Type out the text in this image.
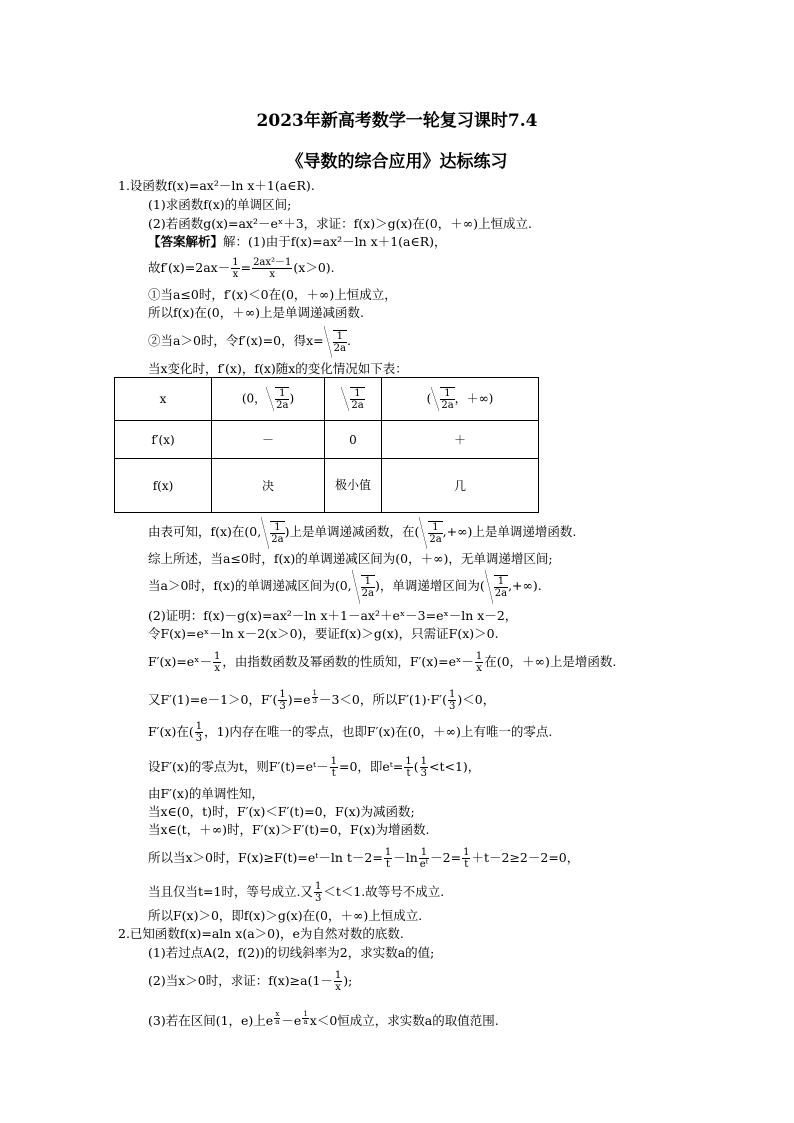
2023年新高考数学一轮复习课时7.4
《导数的综合应用》达标练习
1.设函数f(x)=ax²－ln x＋1(a∈R).
(1)求函数f(x)的单调区间;
(2)若函数g(x)=ax²－eˣ＋3，求证：f(x)＞g(x)在(0，＋∞)上恒成立.
【答案解析】解：(1)由于f(x)=ax²－ln x＋1(a∈R)，
故$f'(x)=2ax- \frac{1}{x} = \frac{\text{2ax²－1}}{x} (x>0)$.
①当a≤0时，f′(x)＜0在(0，＋∞)上恒成立，
所以f(x)在(0，＋∞)上是单调递减函数.
②当a＞0时，令f′(x)=0，得$x= \frac{1}{2a}$ .
当x变化时，f′(x)，f(x)随x的变化情况如下表：
x	(0， $\frac{1}{2a}$ )	$\frac{1}{2a}$	( $\frac{1}{2a}$ ，＋∞)
f′(x)	－	0	＋
f(x)	决	极小值	几
由表可知，f(x)在(0, $\frac{1}{2a}$ )上是单调递减函数，在( $\frac{1}{2a}$ ,+∞)上是单调递增函数.
综上所述，当a≤0时，f(x)的单调递减区间为(0，＋∞)，无单调递增区间;
当a＞0时，f(x)的单调递减区间为(0, $\frac{1}{2a}$ )，单调递增区间为( $\frac{1}{2a}$ ,+∞).
(2)证明：f(x)－g(x)=ax²－ln x＋1－ax²＋eˣ－3=eˣ－ln x－2，
令F(x)=eˣ－ln x－2(x＞0)，要证f(x)＞g(x)，只需证F(x)＞0.
F′(x)=eˣ－ $\frac{1}{x}$ ，由指数函数及幂函数的性质知，F′(x)=eˣ－ $\frac{1}{x}$ 在(0，＋∞)上是增函数.
又F′(1)=e－1＞0，$F'( \frac{1}{3} )=e$ $^{\frac{1}{3}}$ －3＜0，所以$F'(1)\cdot F'( \frac{1}{3} )<0$，
F′(x)在( $\frac{1}{3}$ ，1)内存在唯一的零点，也即F′(x)在(0，＋∞)上有唯一的零点.
设F′(x)的零点为t，则F′(t)=eᵗ－ $\frac{1}{t} =0$，即eᵗ= $\frac{1}{t}$ ( $\frac{1}{3} <t<1$)，
由F′(x)的单调性知，
当x∈(0，t)时，F′(x)＜F′(t)=0，F(x)为减函数;
当x∈(t，＋∞)时，F′(x)＞F′(t)=0，F(x)为增函数.
所以当x＞0时，F(x)≥F(t)=eᵗ－ln $t-2= \frac{1}{t} -\ln \frac{1}{\text{eᵗ}} -2= \frac{1}{t} +t-2\ge 2-2=0$，
当且仅当t=1时，等号成立.又 $\frac{1}{3} <t<1$.故等号不成立.
所以F(x)＞0，即f(x)＞g(x)在(0，＋∞)上恒成立.
2.已知函数f(x)=aln x(a＞0)，e为自然对数的底数.
(1)若过点A(2，f(2))的切线斜率为2，求实数a的值;
(2)当x＞0时，求证：$f(x)\ge a(1- \frac{1}{x}$ );
(3)若在区间(1，e)上e $^{\frac{x}{a}}$ －e $^{\frac{1}{a}}$ x＜0恒成立，求实数a的取值范围.
